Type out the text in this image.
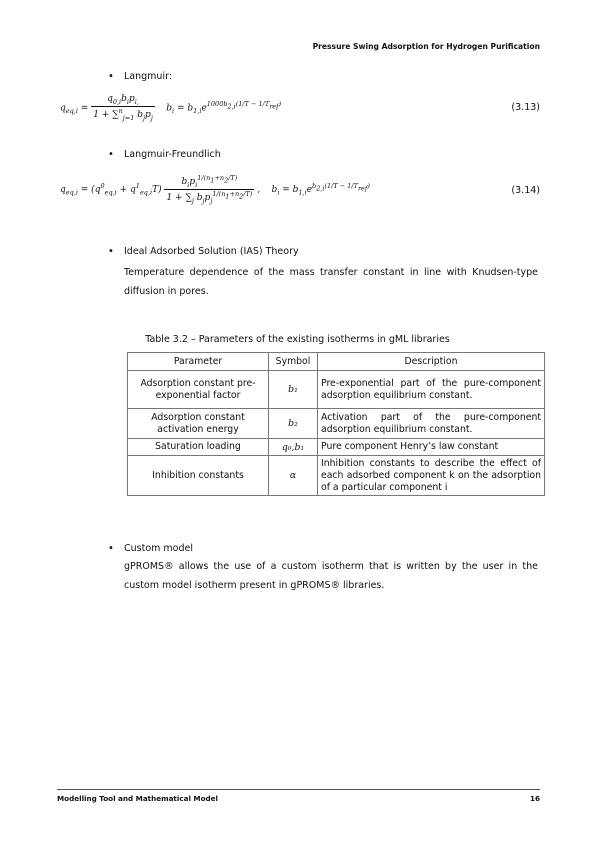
Pressure Swing Adsorption for Hydrogen Purification
• Langmuir:
$q_{eq,i} = \frac{q_{0,i}b_ip_{i,}}{1 + \sum^n_{j=1} b_jp_j} b_i = b_{1,i}e^{1000b_{2,i}(1/T - 1/T_{ref})}$	(3.13)
• Langmuir-Freundlich
$q_{eq,i} = (q^0_{eq,i} + q^1_{eq,i}T) \frac{b_ip_i^{1/(n_1+n_2/T)}}{1 + \sum_j b_jp_j^{1/(n_1+n_2/T)}}$ ,    $b_i = b_{1,i}e^{b_{2,i}(1/T - 1/T_{ref})}$	(3.14)
• Ideal Adsorbed Solution (IAS) Theory
Temperature dependence of the mass transfer constant in line with Knudsen-type diffusion in pores.
Table 3.2 – Parameters of the existing isotherms in gML libraries
Parameter	Symbol	Description
Adsorption constant pre-exponential factor	b₁	Pre-exponential part of the pure-component adsorption equilibrium constant.
Adsorption constant activation energy	b₂	Activation part of the pure-component adsorption equilibrium constant.
Saturation loading	q₀,b₁	Pure component Henry’s law constant
Inhibition constants	α	Inhibition constants to describe the effect of each adsorbed component k on the adsorption of a particular component i
• Custom model
gPROMS® allows the use of a custom isotherm that is written by the user in the custom model isotherm present in gPROMS® libraries.
Modelling Tool and Mathematical Model	16
